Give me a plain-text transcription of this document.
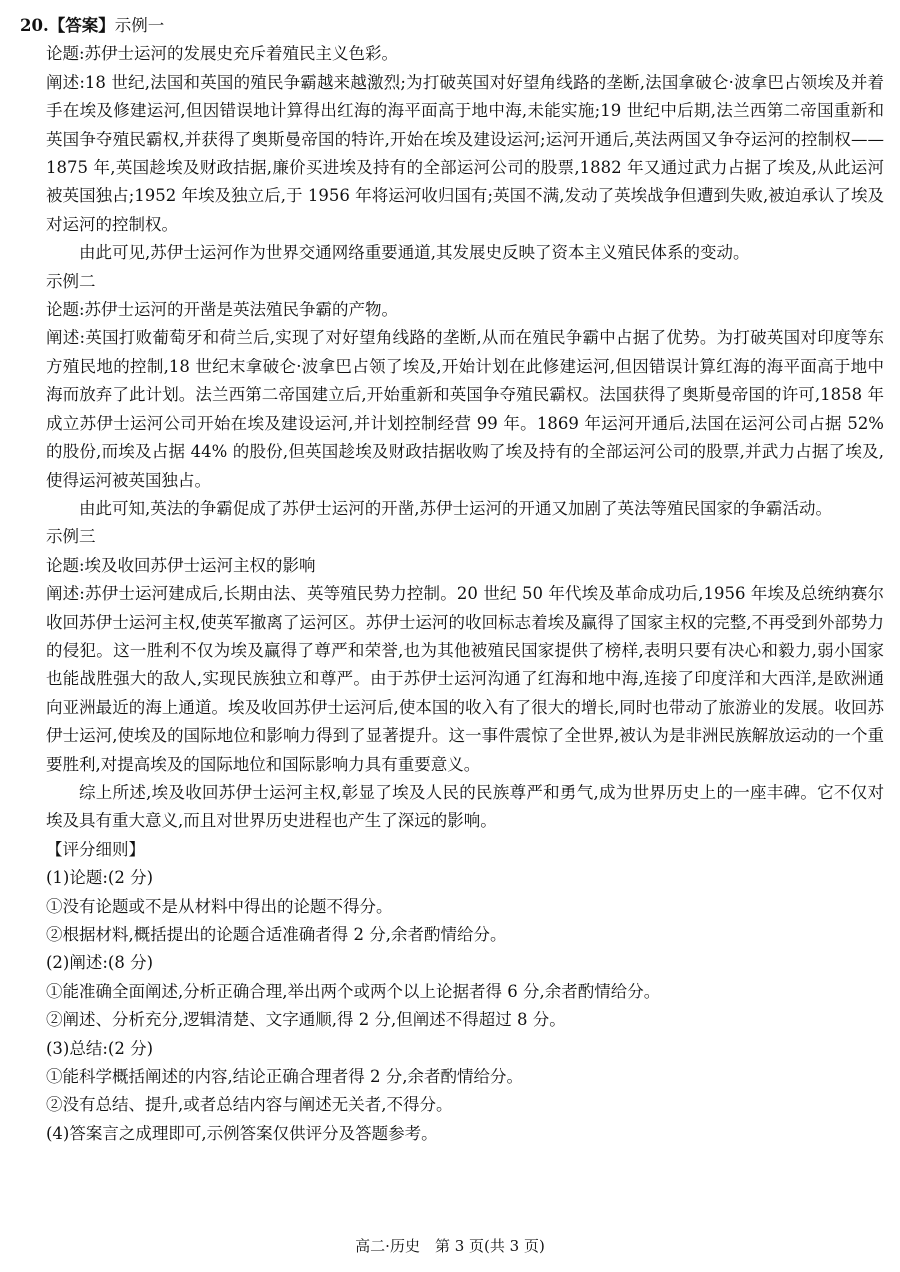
20.【答案】示例一

论题:苏伊士运河的发展史充斥着殖民主义色彩。

阐述:18 世纪,法国和英国的殖民争霸越来越激烈;为打破英国对好望角线路的垄断,法国拿破仑·波拿巴占领埃及并着手在埃及修建运河,但因错误地计算得出红海的海平面高于地中海,未能实施;19 世纪中后期,法兰西第二帝国重新和英国争夺殖民霸权,并获得了奥斯曼帝国的特许,开始在埃及建设运河;运河开通后,英法两国又争夺运河的控制权——1875 年,英国趁埃及财政拮据,廉价买进埃及持有的全部运河公司的股票,1882 年又通过武力占据了埃及,从此运河被英国独占;1952 年埃及独立后,于 1956 年将运河收归国有;英国不满,发动了英埃战争但遭到失败,被迫承认了埃及对运河的控制权。

由此可见,苏伊士运河作为世界交通网络重要通道,其发展史反映了资本主义殖民体系的变动。

示例二

论题:苏伊士运河的开凿是英法殖民争霸的产物。

阐述:英国打败葡萄牙和荷兰后,实现了对好望角线路的垄断,从而在殖民争霸中占据了优势。为打破英国对印度等东方殖民地的控制,18 世纪末拿破仑·波拿巴占领了埃及,开始计划在此修建运河,但因错误计算红海的海平面高于地中海而放弃了此计划。法兰西第二帝国建立后,开始重新和英国争夺殖民霸权。法国获得了奥斯曼帝国的许可,1858 年成立苏伊士运河公司开始在埃及建设运河,并计划控制经营 99 年。1869 年运河开通后,法国在运河公司占据 52% 的股份,而埃及占据 44% 的股份,但英国趁埃及财政拮据收购了埃及持有的全部运河公司的股票,并武力占据了埃及,使得运河被英国独占。

由此可知,英法的争霸促成了苏伊士运河的开凿,苏伊士运河的开通又加剧了英法等殖民国家的争霸活动。

示例三

论题:埃及收回苏伊士运河主权的影响

阐述:苏伊士运河建成后,长期由法、英等殖民势力控制。20 世纪 50 年代埃及革命成功后,1956 年埃及总统纳赛尔收回苏伊士运河主权,使英军撤离了运河区。苏伊士运河的收回标志着埃及赢得了国家主权的完整,不再受到外部势力的侵犯。这一胜利不仅为埃及赢得了尊严和荣誉,也为其他被殖民国家提供了榜样,表明只要有决心和毅力,弱小国家也能战胜强大的敌人,实现民族独立和尊严。由于苏伊士运河沟通了红海和地中海,连接了印度洋和大西洋,是欧洲通向亚洲最近的海上通道。埃及收回苏伊士运河后,使本国的收入有了很大的增长,同时也带动了旅游业的发展。收回苏伊士运河,使埃及的国际地位和影响力得到了显著提升。这一事件震惊了全世界,被认为是非洲民族解放运动的一个重要胜利,对提高埃及的国际地位和国际影响力具有重要意义。

综上所述,埃及收回苏伊士运河主权,彰显了埃及人民的民族尊严和勇气,成为世界历史上的一座丰碑。它不仅对埃及具有重大意义,而且对世界历史进程也产生了深远的影响。

【评分细则】

(1)论题:(2 分)

①没有论题或不是从材料中得出的论题不得分。

②根据材料,概括提出的论题合适准确者得 2 分,余者酌情给分。

(2)阐述:(8 分)

①能准确全面阐述,分析正确合理,举出两个或两个以上论据者得 6 分,余者酌情给分。

②阐述、分析充分,逻辑清楚、文字通顺,得 2 分,但阐述不得超过 8 分。

(3)总结:(2 分)

①能科学概括阐述的内容,结论正确合理者得 2 分,余者酌情给分。

②没有总结、提升,或者总结内容与阐述无关者,不得分。

(4)答案言之成理即可,示例答案仅供评分及答题参考。

高二·历史　第 3 页(共 3 页)
